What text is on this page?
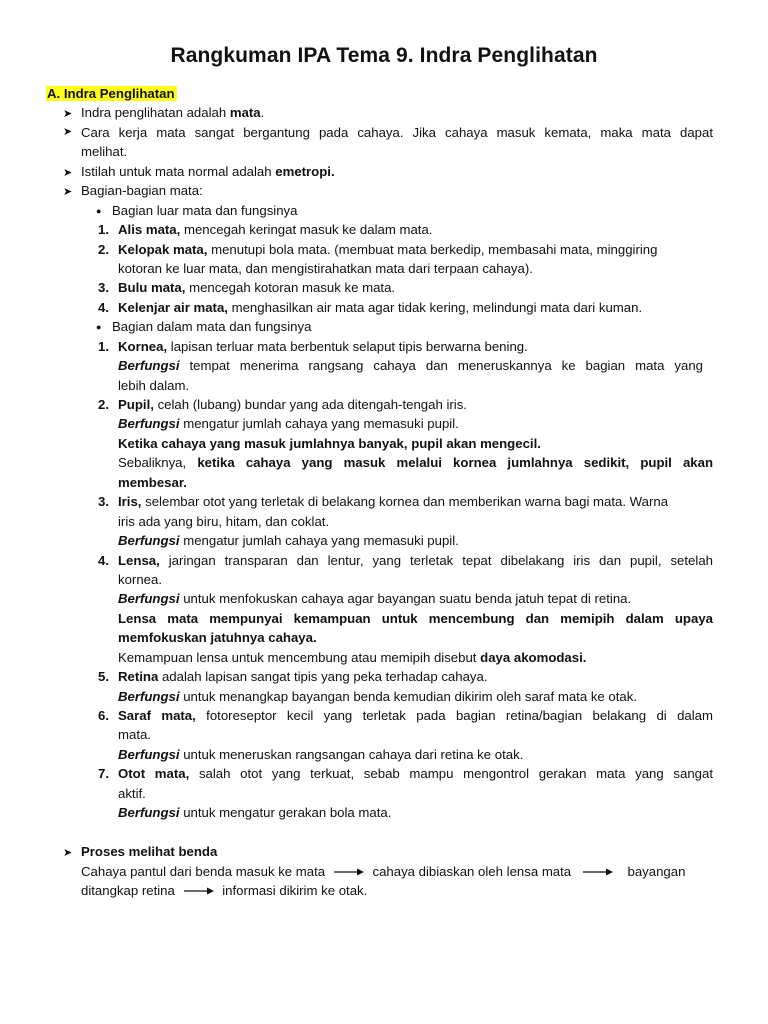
Rangkuman IPA Tema 9. Indra Penglihatan
A. Indra Penglihatan
➤ Indra penglihatan adalah mata.
➤ Cara kerja mata sangat bergantung pada cahaya. Jika cahaya masuk kemata, maka mata dapat
melihat.
➤ Istilah untuk mata normal adalah emetropi.
➤ Bagian-bagian mata:
● Bagian luar mata dan fungsinya
1. Alis mata, mencegah keringat masuk ke dalam mata.
2. Kelopak mata, menutupi bola mata. (membuat mata berkedip, membasahi mata, minggiring
kotoran ke luar mata, dan mengistirahatkan mata dari terpaan cahaya).
3. Bulu mata, mencegah kotoran masuk ke mata.
4. Kelenjar air mata, menghasilkan air mata agar tidak kering, melindungi mata dari kuman.
● Bagian dalam mata dan fungsinya
1. Kornea, lapisan terluar mata berbentuk selaput tipis berwarna bening.
Berfungsi tempat menerima rangsang cahaya dan meneruskannya ke bagian mata yang
lebih dalam.
2. Pupil, celah (lubang) bundar yang ada ditengah-tengah iris.
Berfungsi mengatur jumlah cahaya yang memasuki pupil.
Ketika cahaya yang masuk jumlahnya banyak, pupil akan mengecil.
Sebaliknya, ketika cahaya yang masuk melalui kornea jumlahnya sedikit, pupil akan
membesar.
3. Iris, selembar otot yang terletak di belakang kornea dan memberikan warna bagi mata. Warna
iris ada yang biru, hitam, dan coklat.
Berfungsi mengatur jumlah cahaya yang memasuki pupil.
4. Lensa, jaringan transparan dan lentur, yang terletak tepat dibelakang iris dan pupil, setelah
kornea.
Berfungsi untuk menfokuskan cahaya agar bayangan suatu benda jatuh tepat di retina.
Lensa mata mempunyai kemampuan untuk mencembung dan memipih dalam upaya
memfokuskan jatuhnya cahaya.
Kemampuan lensa untuk mencembung atau memipih disebut daya akomodasi.
5. Retina adalah lapisan sangat tipis yang peka terhadap cahaya.
Berfungsi untuk menangkap bayangan benda kemudian dikirim oleh saraf mata ke otak.
6. Saraf mata, fotoreseptor kecil yang terletak pada bagian retina/bagian belakang di dalam
mata.
Berfungsi untuk meneruskan rangsangan cahaya dari retina ke otak.
7. Otot mata, salah otot yang terkuat, sebab mampu mengontrol gerakan mata yang sangat
aktif.
Berfungsi untuk mengatur gerakan bola mata.
➤ Proses melihat benda
Cahaya pantul dari benda masuk ke mata	cahaya dibiaskan oleh lensa mata	bayangan
ditangkap retina	informasi dikirim ke otak.
